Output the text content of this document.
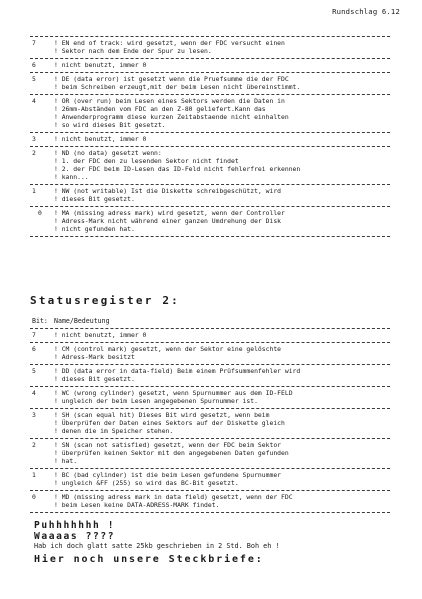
Rundschlag 6.12
7	! EN end of track: wird gesetzt, wenn der FDC versucht einen
! Sektor nach dem Ende der Spur zu lesen.
6	! nicht benutzt, immer 0
5	! DE (data error) ist gesetzt wenn die Pruefsumme die der FDC
! beim Schreiben erzeugt,mit der beim Lesen nicht übereinstimmt.
4	! OR (over run) beim Lesen eines Sektors werden die Daten in
! 26mm-Abständen vom FDC an den Z-80 geliefert.Kann das
! Anwenderprogramm diese kurzen Zeitabstaende nicht einhalten
! so wird dieses Bit gesetzt.
3	! nicht benutzt, immer 0
2	! ND (no data) gesetzt wenn:
! 1. der FDC den zu lesenden Sektor nicht findet
! 2. der FDC beim ID-Lesen das ID-Feld nicht fehlerfrei erkennen
! kann...
1	! NW (not writable) Ist die Diskette schreibgeschützt, wird
! dieses Bit gesetzt.
0	! MA (missing adress mark) wird gesetzt, wenn der Controller
! Adress-Mark nicht während einer ganzen Umdrehung der Disk
! nicht gefunden hat.
Statusregister 2:
Bit: Name/Bedeutung
7	! nicht benutzt, immer 0
6	! CM (control mark) gesetzt, wenn der Sektor eine gelöschte
! Adress-Mark besitzt
5	! DD (data error in data-field) Beim einem Prüfsummenfehler wird
! dieses Bit gesetzt.
4	! WC (wrong cylinder) gesetzt, wenn Spurnummer aus dem ID-FELD
! ungleich der beim Lesen angegebenen Spurnummer ist.
3	! SH (scan equal hit) Dieses Bit wird gesetzt, wenn beim
! Überprüfen der Daten eines Sektors auf der Diskette gleich
! denen die im Speicher stehen.
2	! SN (scan not satisfied) gesetzt, wenn der FDC beim Sektor
! überprüfen keinen Sektor mit den angegebenen Daten gefunden
! hat.
1	! BC (bad cylinder) ist die beim Lesen gefundene Spurnummer
! ungleich &FF (255) so wird das BC-Bit gesetzt.
0	! MD (missing adress mark in data field) gesetzt, wenn der FDC
! beim Lesen keine DATA-ADRESS-MARK findet.
Puhhhhhhh !
Waaaas ????
Hab ich doch glatt satte 25kb geschrieben in 2 Std. Boh eh !
Hier noch unsere Steckbriefe:
